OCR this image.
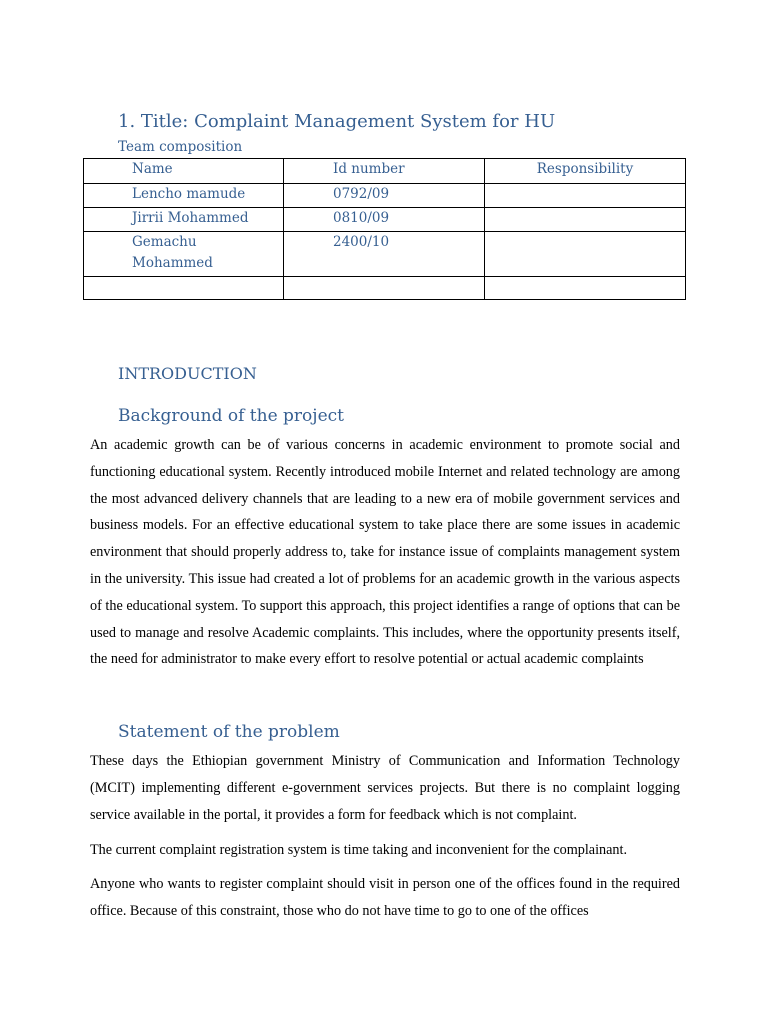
1. Title: Complaint Management System for HU
Team composition
Name	Id number	Responsibility
Lencho mamude	0792/09	
Jirrii Mohammed	0810/09	
Gemachu Mohammed	2400/10	

INTRODUCTION
Background of the project
An academic growth can be of various concerns in academic environment to promote social and functioning educational system. Recently introduced mobile Internet and related technology are among the most advanced delivery channels that are leading to a new era of mobile government services and business models. For an effective educational system to take place there are some issues in academic environment that should properly address to, take for instance issue of complaints management system in the university. This issue had created a lot of problems for an academic growth in the various aspects of the educational system. To support this approach, this project identifies a range of options that can be used to manage and resolve Academic complaints. This includes, where the opportunity presents itself, the need for administrator to make every effort to resolve potential or actual academic complaints
Statement of the problem
These days the Ethiopian government Ministry of Communication and Information Technology (MCIT) implementing different e-government services projects. But there is no complaint logging service available in the portal, it provides a form for feedback which is not complaint.
The current complaint registration system is time taking and inconvenient for the complainant.
Anyone who wants to register complaint should visit in person one of the offices found in the required office. Because of this constraint, those who do not have time to go to one of the offices
